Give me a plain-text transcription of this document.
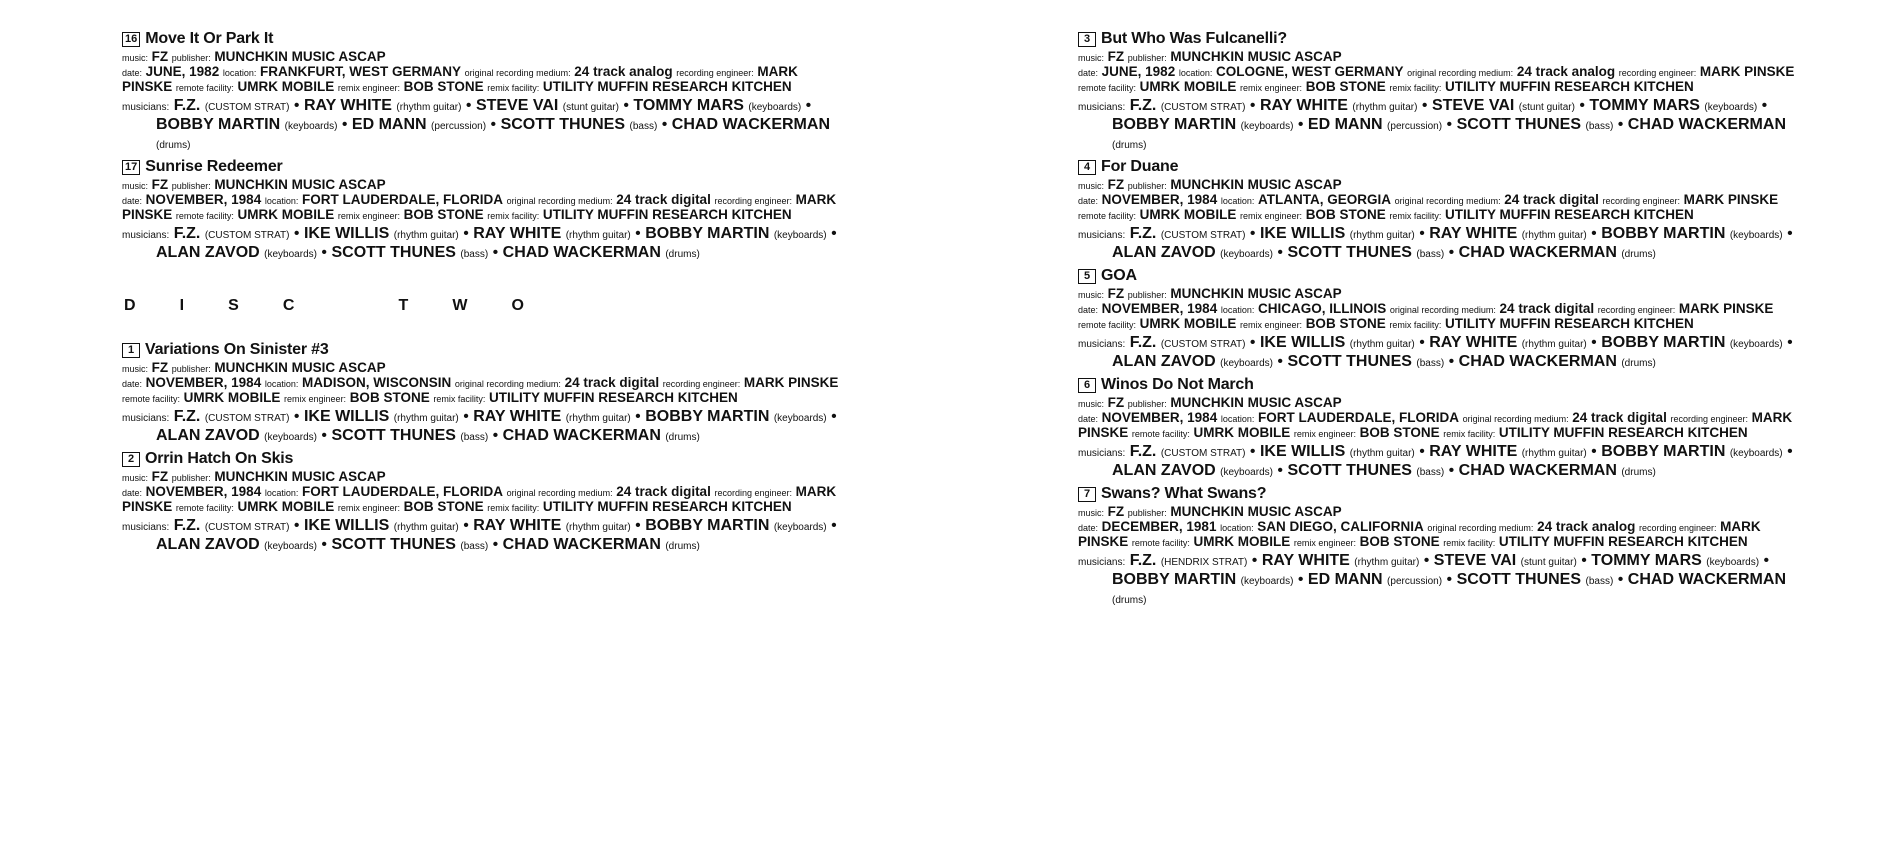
16 Move It Or Park It
music: FZ publisher: MUNCHKIN MUSIC ASCAP
date: JUNE, 1982 location: FRANKFURT, WEST GERMANY original recording medium: 24 track analog recording engineer: MARK PINSKE remote facility: UMRK MOBILE remix engineer: BOB STONE remix facility: UTILITY MUFFIN RESEARCH KITCHEN
musicians: F.Z. (CUSTOM STRAT) • RAY WHITE (rhythm guitar) • STEVE VAI (stunt guitar) • TOMMY MARS (keyboards) • BOBBY MARTIN (keyboards) • ED MANN (percussion) • SCOTT THUNES (bass) • CHAD WACKERMAN (drums)
17 Sunrise Redeemer
music: FZ publisher: MUNCHKIN MUSIC ASCAP
date: NOVEMBER, 1984 location: FORT LAUDERDALE, FLORIDA original recording medium: 24 track digital recording engineer: MARK PINSKE remote facility: UMRK MOBILE remix engineer: BOB STONE remix facility: UTILITY MUFFIN RESEARCH KITCHEN
musicians: F.Z. (CUSTOM STRAT) • IKE WILLIS (rhythm guitar) • RAY WHITE (rhythm guitar) • BOBBY MARTIN (keyboards) • ALAN ZAVOD (keyboards) • SCOTT THUNES (bass) • CHAD WACKERMAN (drums)
D	I	S	C	T	W	O
1 Variations On Sinister #3
music: FZ publisher: MUNCHKIN MUSIC ASCAP
date: NOVEMBER, 1984 location: MADISON, WISCONSIN original recording medium: 24 track digital recording engineer: MARK PINSKE remote facility: UMRK MOBILE remix engineer: BOB STONE remix facility: UTILITY MUFFIN RESEARCH KITCHEN
musicians: F.Z. (CUSTOM STRAT) • IKE WILLIS (rhythm guitar) • RAY WHITE (rhythm guitar) • BOBBY MARTIN (keyboards) • ALAN ZAVOD (keyboards) • SCOTT THUNES (bass) • CHAD WACKERMAN (drums)
2 Orrin Hatch On Skis
music: FZ publisher: MUNCHKIN MUSIC ASCAP
date: NOVEMBER, 1984 location: FORT LAUDERDALE, FLORIDA original recording medium: 24 track digital recording engineer: MARK PINSKE remote facility: UMRK MOBILE remix engineer: BOB STONE remix facility: UTILITY MUFFIN RESEARCH KITCHEN
musicians: F.Z. (CUSTOM STRAT) • IKE WILLIS (rhythm guitar) • RAY WHITE (rhythm guitar) • BOBBY MARTIN (keyboards) • ALAN ZAVOD (keyboards) • SCOTT THUNES (bass) • CHAD WACKERMAN (drums)
3 But Who Was Fulcanelli?
music: FZ publisher: MUNCHKIN MUSIC ASCAP
date: JUNE, 1982 location: COLOGNE, WEST GERMANY original recording medium: 24 track analog recording engineer: MARK PINSKE remote facility: UMRK MOBILE remix engineer: BOB STONE remix facility: UTILITY MUFFIN RESEARCH KITCHEN
musicians: F.Z. (CUSTOM STRAT) • RAY WHITE (rhythm guitar) • STEVE VAI (stunt guitar) • TOMMY MARS (keyboards) • BOBBY MARTIN (keyboards) • ED MANN (percussion) • SCOTT THUNES (bass) • CHAD WACKERMAN (drums)
4 For Duane
music: FZ publisher: MUNCHKIN MUSIC ASCAP
date: NOVEMBER, 1984 location: ATLANTA, GEORGIA original recording medium: 24 track digital recording engineer: MARK PINSKE remote facility: UMRK MOBILE remix engineer: BOB STONE remix facility: UTILITY MUFFIN RESEARCH KITCHEN
musicians: F.Z. (CUSTOM STRAT) • IKE WILLIS (rhythm guitar) • RAY WHITE (rhythm guitar) • BOBBY MARTIN (keyboards) • ALAN ZAVOD (keyboards) • SCOTT THUNES (bass) • CHAD WACKERMAN (drums)
5 GOA
music: FZ publisher: MUNCHKIN MUSIC ASCAP
date: NOVEMBER, 1984 location: CHICAGO, ILLINOIS original recording medium: 24 track digital recording engineer: MARK PINSKE remote facility: UMRK MOBILE remix engineer: BOB STONE remix facility: UTILITY MUFFIN RESEARCH KITCHEN
musicians: F.Z. (CUSTOM STRAT) • IKE WILLIS (rhythm guitar) • RAY WHITE (rhythm guitar) • BOBBY MARTIN (keyboards) • ALAN ZAVOD (keyboards) • SCOTT THUNES (bass) • CHAD WACKERMAN (drums)
6 Winos Do Not March
music: FZ publisher: MUNCHKIN MUSIC ASCAP
date: NOVEMBER, 1984 location: FORT LAUDERDALE, FLORIDA original recording medium: 24 track digital recording engineer: MARK PINSKE remote facility: UMRK MOBILE remix engineer: BOB STONE remix facility: UTILITY MUFFIN RESEARCH KITCHEN
musicians: F.Z. (CUSTOM STRAT) • IKE WILLIS (rhythm guitar) • RAY WHITE (rhythm guitar) • BOBBY MARTIN (keyboards) • ALAN ZAVOD (keyboards) • SCOTT THUNES (bass) • CHAD WACKERMAN (drums)
7 Swans? What Swans?
music: FZ publisher: MUNCHKIN MUSIC ASCAP
date: DECEMBER, 1981 location: SAN DIEGO, CALIFORNIA original recording medium: 24 track analog recording engineer: MARK PINSKE remote facility: UMRK MOBILE remix engineer: BOB STONE remix facility: UTILITY MUFFIN RESEARCH KITCHEN
musicians: F.Z. (HENDRIX STRAT) • RAY WHITE (rhythm guitar) • STEVE VAI (stunt guitar) • TOMMY MARS (keyboards) • BOBBY MARTIN (keyboards) • ED MANN (percussion) • SCOTT THUNES (bass) • CHAD WACKERMAN (drums)
